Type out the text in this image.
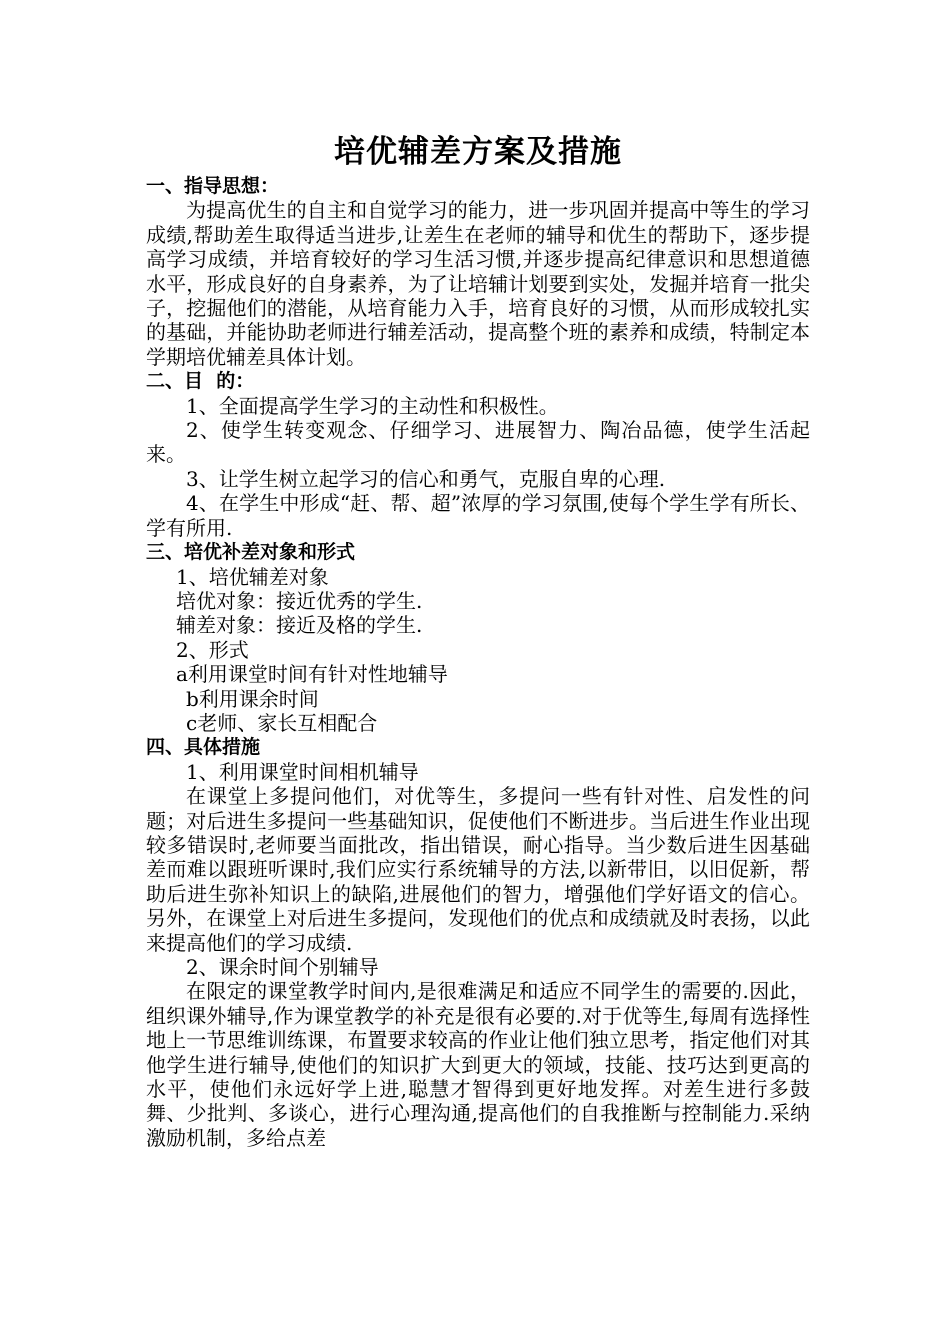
培优辅差方案及措施
一、指导思想：

为提高优生的自主和自觉学习的能力，进一步巩固并提高中等生的学习成绩,帮助差生取得适当进步,让差生在老师的辅导和优生的帮助下，逐步提高学习成绩，并培育较好的学习生活习惯,并逐步提高纪律意识和思想道德水平，形成良好的自身素养，为了让培辅计划要到实处，发掘并培育一批尖子，挖掘他们的潜能，从培育能力入手，培育良好的习惯，从而形成较扎实的基础，并能协助老师进行辅差活动，提高整个班的素养和成绩，特制定本学期培优辅差具体计划。

二、目  的：

1、全面提高学生学习的主动性和积极性。

2、使学生转变观念、仔细学习、进展智力、陶冶品德，使学生活起来。

3、让学生树立起学习的信心和勇气，克服自卑的心理.

4、在学生中形成“赶、帮、超”浓厚的学习氛围,使每个学生学有所长、学有所用.

三、培优补差对象和形式

1、培优辅差对象

培优对象：接近优秀的学生.

辅差对象：接近及格的学生.

2、形式

a利用课堂时间有针对性地辅导

b利用课余时间

c老师、家长互相配合

四、具体措施

1、利用课堂时间相机辅导

在课堂上多提问他们，对优等生，多提问一些有针对性、启发性的问题；对后进生多提问一些基础知识，促使他们不断进步。当后进生作业出现较多错误时,老师要当面批改，指出错误，耐心指导。当少数后进生因基础差而难以跟班听课时,我们应实行系统辅导的方法,以新带旧，以旧促新，帮助后进生弥补知识上的缺陷,进展他们的智力，增强他们学好语文的信心。另外，在课堂上对后进生多提问，发现他们的优点和成绩就及时表扬，以此来提高他们的学习成绩.

2、课余时间个别辅导

在限定的课堂教学时间内,是很难满足和适应不同学生的需要的.因此，组织课外辅导,作为课堂教学的补充是很有必要的.对于优等生,每周有选择性地上一节思维训练课，布置要求较高的作业让他们独立思考，指定他们对其他学生进行辅导,使他们的知识扩大到更大的领域，技能、技巧达到更高的水平，使他们永远好学上进,聪慧才智得到更好地发挥。对差生进行多鼓舞、少批判、多谈心，进行心理沟通,提高他们的自我推断与控制能力.采纳激励机制，多给点差
